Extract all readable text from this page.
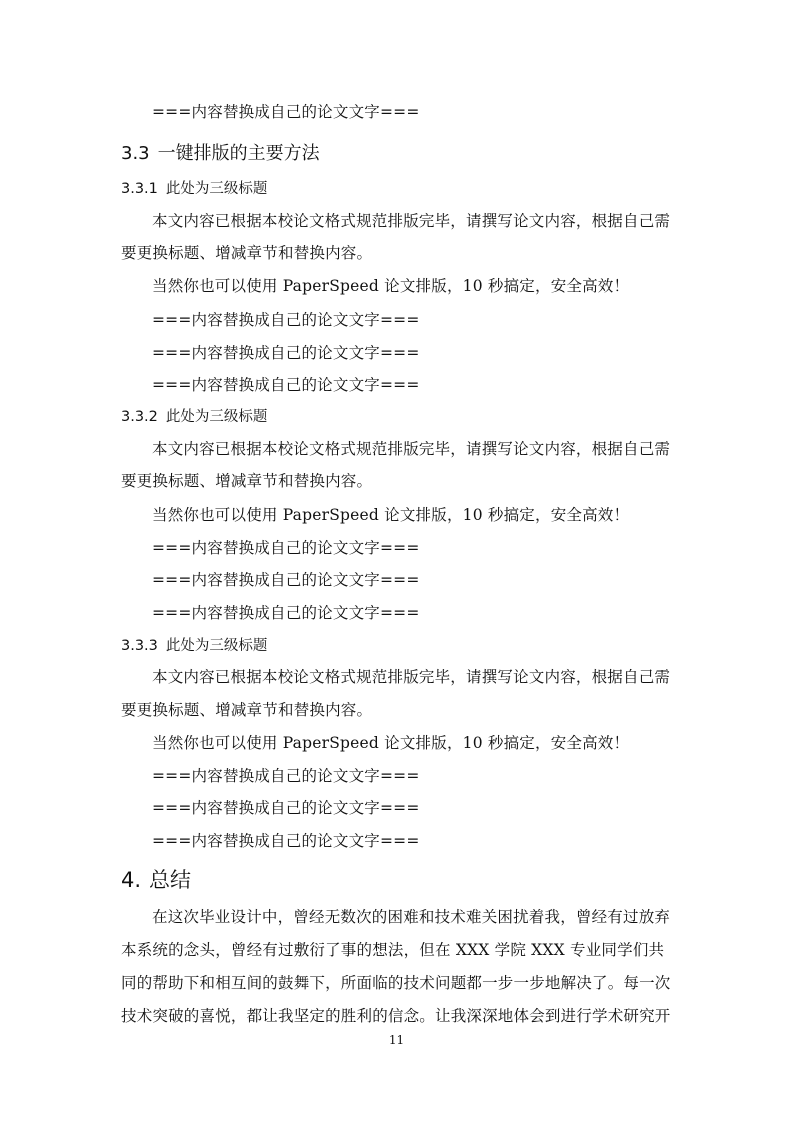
===内容替换成自己的论文文字===
3.3 一键排版的主要方法
3.3.1 此处为三级标题
本文内容已根据本校论文格式规范排版完毕，请撰写论文内容，根据自己需
要更换标题、增减章节和替换内容。
当然你也可以使用 PaperSpeed 论文排版，10 秒搞定，安全高效！
===内容替换成自己的论文文字===
===内容替换成自己的论文文字===
===内容替换成自己的论文文字===
3.3.2 此处为三级标题
本文内容已根据本校论文格式规范排版完毕，请撰写论文内容，根据自己需
要更换标题、增减章节和替换内容。
当然你也可以使用 PaperSpeed 论文排版，10 秒搞定，安全高效！
===内容替换成自己的论文文字===
===内容替换成自己的论文文字===
===内容替换成自己的论文文字===
3.3.3 此处为三级标题
本文内容已根据本校论文格式规范排版完毕，请撰写论文内容，根据自己需
要更换标题、增减章节和替换内容。
当然你也可以使用 PaperSpeed 论文排版，10 秒搞定，安全高效！
===内容替换成自己的论文文字===
===内容替换成自己的论文文字===
===内容替换成自己的论文文字===
4. 总结
在这次毕业设计中，曾经无数次的困难和技术难关困扰着我，曾经有过放弃
本系统的念头，曾经有过敷衍了事的想法，但在 XXX 学院 XXX 专业同学们共
同的帮助下和相互间的鼓舞下，所面临的技术问题都一步一步地解决了。每一次
技术突破的喜悦，都让我坚定的胜利的信念。让我深深地体会到进行学术研究开
11
